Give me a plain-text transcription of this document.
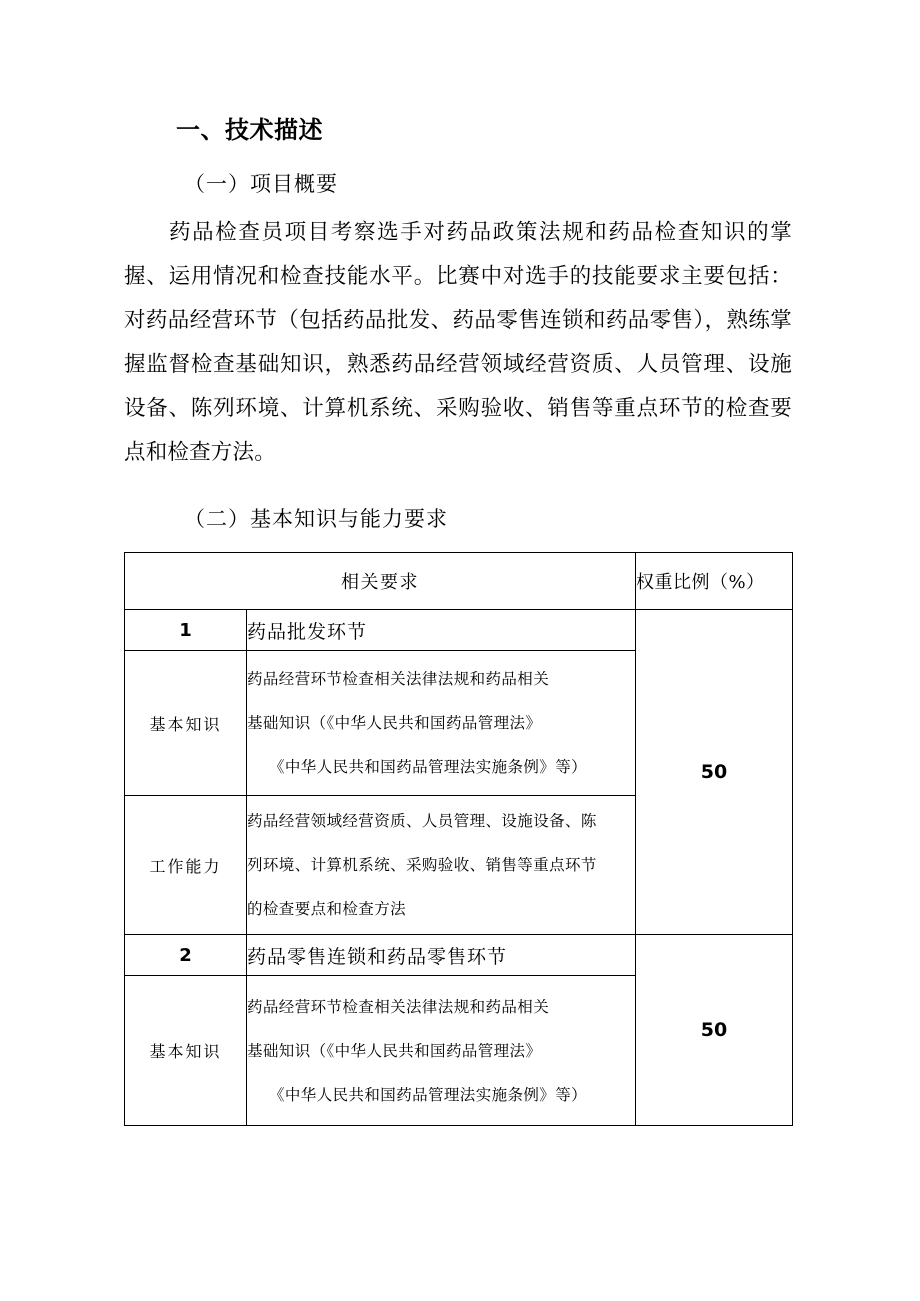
一、技术描述
（一）项目概要

药品检查员项目考察选手对药品政策法规和药品检查知识的掌握、运用情况和检查技能水平。比赛中对选手的技能要求主要包括：对药品经营环节（包括药品批发、药品零售连锁和药品零售），熟练掌握监督检查基础知识，熟悉药品经营领域经营资质、人员管理、设施设备、陈列环境、计算机系统、采购验收、销售等重点环节的检查要点和检查方法。

（二）基本知识与能力要求
相关要求		权重比例（%）
1	药品批发环节	50
基本知识	药品经营环节检查相关法律法规和药品相关
基础知识（《中华人民共和国药品管理法》
《中华人民共和国药品管理法实施条例》等）	

工作能力	药品经营领域经营资质、人员管理、设施设备、陈
列环境、计算机系统、采购验收、销售等重点环节
的检查要点和检查方法	

2	药品零售连锁和药品零售环节	50
基本知识	药品经营环节检查相关法律法规和药品相关
基础知识（《中华人民共和国药品管理法》
《中华人民共和国药品管理法实施条例》等）	
